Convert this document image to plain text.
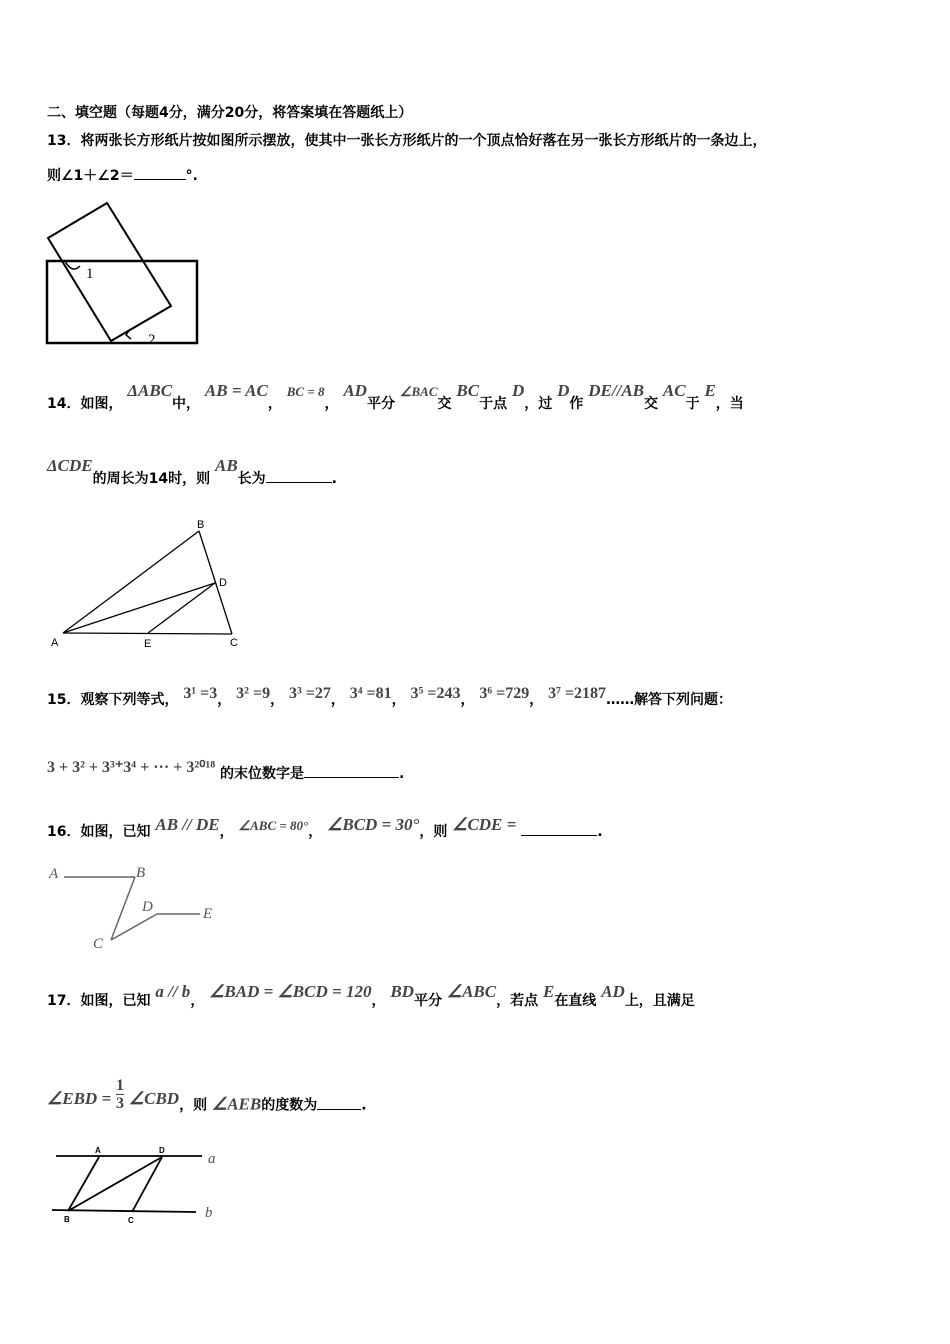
二、填空题（每题4分，满分20分，将答案填在答题纸上）
13．将两张长方形纸片按如图所示摆放，使其中一张长方形纸片的一个顶点恰好落在另一张长方形纸片的一条边上，
则∠1＋∠2＝	°.
1
2
14．如图， ΔABC中， AB = AC， BC = 8， AD平分 ∠BAC交 BC于点 D，过 D作 DE//AB交 AC于 E，当
ΔCDE的周长为14时，则 AB长为	.
A
B
C
D
E
15．观察下列等式， 3¹ =3， 3² =9， 3³ =27， 3⁴ =81， 3⁵ =243， 3⁶ =729， 3⁷ =2187……解答下列问题：
3 + 3² + 3³⁺3⁴ + ··· + 3²⁰¹⁸ 的末位数字是	.
16．如图，已知 AB // DE， ∠ABC = 80°， ∠BCD = 30°，则 ∠CDE =	.
A	B
C
D	E
17．如图，已知 a // b， ∠BAD = ∠BCD = 120， BD平分 ∠ABC，若点 E在直线 AD上，且满足
∠EBD = $\frac{1}{3}$ ∠CBD，则 ∠AEB的度数为	.
A	D
B	C
a
b
